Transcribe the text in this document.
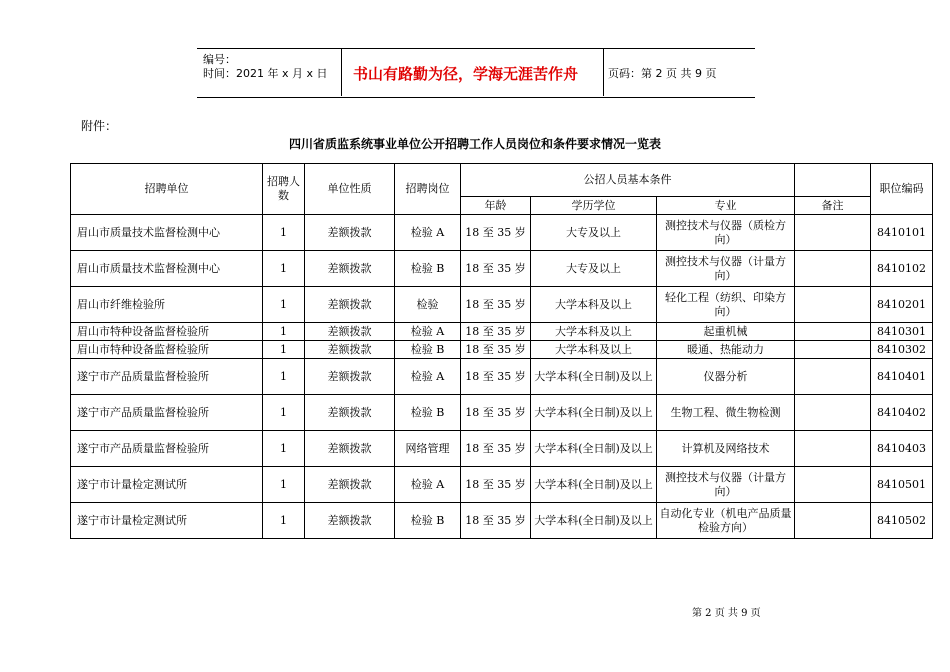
编号：
时间：2021 年 x 月 x 日 书山有路勤为径，学海无涯苦作舟	页码：第 2 页 共 9 页
附件：
四川省质监系统事业单位公开招聘工作人员岗位和条件要求情况一览表
招聘单位	招聘人数	单位性质	招聘岗位	公招人员基本条件				职位编码
				年龄	学历学位	专业	备注	
眉山市质量技术监督检测中心	1	差额拨款	检验 A	18 至 35 岁	大专及以上	测控技术与仪器（质检方向）		8410101
眉山市质量技术监督检测中心	1	差额拨款	检验 B	18 至 35 岁	大专及以上	测控技术与仪器（计量方向）		8410102
眉山市纤维检验所	1	差额拨款	检验	18 至 35 岁	大学本科及以上	轻化工程（纺织、印染方向）		8410201
眉山市特种设备监督检验所	1	差额拨款	检验 A	18 至 35 岁	大学本科及以上	起重机械		8410301
眉山市特种设备监督检验所	1	差额拨款	检验 B	18 至 35 岁	大学本科及以上	暖通、热能动力		8410302
遂宁市产品质量监督检验所	1	差额拨款	检验 A	18 至 35 岁	大学本科(全日制)及以上	仪器分析		8410401
遂宁市产品质量监督检验所	1	差额拨款	检验 B	18 至 35 岁	大学本科(全日制)及以上	生物工程、微生物检测		8410402
遂宁市产品质量监督检验所	1	差额拨款	网络管理	18 至 35 岁	大学本科(全日制)及以上	计算机及网络技术		8410403
遂宁市计量检定测试所	1	差额拨款	检验 A	18 至 35 岁	大学本科(全日制)及以上	测控技术与仪器（计量方向）		8410501
遂宁市计量检定测试所	1	差额拨款	检验 B	18 至 35 岁	大学本科(全日制)及以上	自动化专业（机电产品质量检验方向）		8410502
第 2 页 共 9 页
